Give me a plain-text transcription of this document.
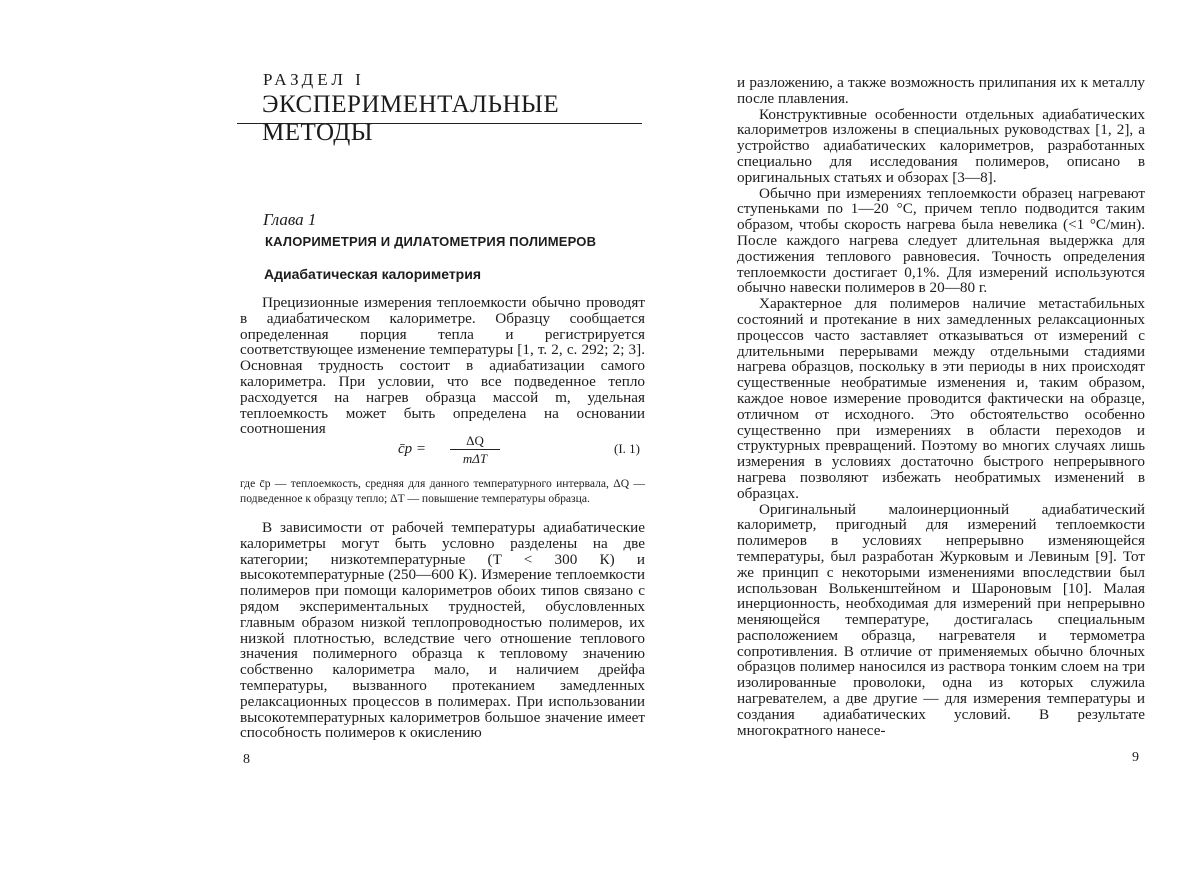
РАЗДЕЛ I
ЭКСПЕРИМЕНТАЛЬНЫЕ МЕТОДЫ
Глава 1
КАЛОРИМЕТРИЯ И ДИЛАТОМЕТРИЯ ПОЛИМЕРОВ
Адиабатическая калориметрия

Прецизионные измерения теплоемкости обычно проводят в адиабатическом калориметре. Образцу сообщается определенная порция тепла и регистрируется соответствующее изменение температуры [1, т. 2, с. 292; 2; 3]. Основная трудность состоит в адиабатизации самого калориметра. При условии, что все подведенное тепло расходуется на нагрев образца массой m, удельная теплоемкость может быть определена на основании соотношения

c̄p =
ΔQ
mΔT
(I. 1)
где c̄p — теплоемкость, средняя для данного температурного интервала, ΔQ — подведенное к образцу тепло; ΔT — повышение температуры образца.

В зависимости от рабочей температуры адиабатические калориметры могут быть условно разделены на две категории; низкотемпературные (T < 300 К) и высокотемпературные (250—600 К). Измерение теплоемкости полимеров при помощи калориметров обоих типов связано с рядом экспериментальных трудностей, обусловленных главным образом низкой теплопроводностью полимеров, их низкой плотностью, вследствие чего отношение теплового значения полимерного образца к тепловому значению собственно калориметра мало, и наличием дрейфа температуры, вызванного протеканием замедленных релаксационных процессов в полимерах. При использовании высокотемпературных калориметров большое значение имеет способность полимеров к окислению

8

и разложению, а также возможность прилипания их к металлу после плавления.

Конструктивные особенности отдельных адиабатических калориметров изложены в специальных руководствах [1, 2], а устройство адиабатических калориметров, разработанных специально для исследования полимеров, описано в оригинальных статьях и обзорах [3—8].

Обычно при измерениях теплоемкости образец нагревают ступеньками по 1—20 °C, причем тепло подводится таким образом, чтобы скорость нагрева была невелика (<1 °C/мин). После каждого нагрева следует длительная выдержка для достижения теплового равновесия. Точность определения теплоемкости достигает 0,1%. Для измерений используются обычно навески полимеров в 20—80 г.

Характерное для полимеров наличие метастабильных состояний и протекание в них замедленных релаксационных процессов часто заставляет отказываться от измерений с длительными перерывами между отдельными стадиями нагрева образцов, поскольку в эти периоды в них происходят существенные необратимые изменения и, таким образом, каждое новое измерение проводится фактически на образце, отличном от исходного. Это обстоятельство особенно существенно при измерениях в области переходов и структурных превращений. Поэтому во многих случаях лишь измерения в условиях достаточно быстрого непрерывного нагрева позволяют избежать необратимых изменений в образцах.

Оригинальный малоинерционный адиабатический калориметр, пригодный для измерений теплоемкости полимеров в условиях непрерывно изменяющейся температуры, был разработан Журковым и Левиным [9]. Тот же принцип с некоторыми изменениями впоследствии был использован Волькенштейном и Шароновым [10]. Малая инерционность, необходимая для измерений при непрерывно меняющейся температуре, достигалась специальным расположением образца, нагревателя и термометра сопротивления. В отличие от применяемых обычно блочных образцов полимер наносился из раствора тонким слоем на три изолированные проволоки, одна из которых служила нагревателем, а две другие — для измерения температуры и создания адиабатических условий. В результате многократного нанесе-

9
